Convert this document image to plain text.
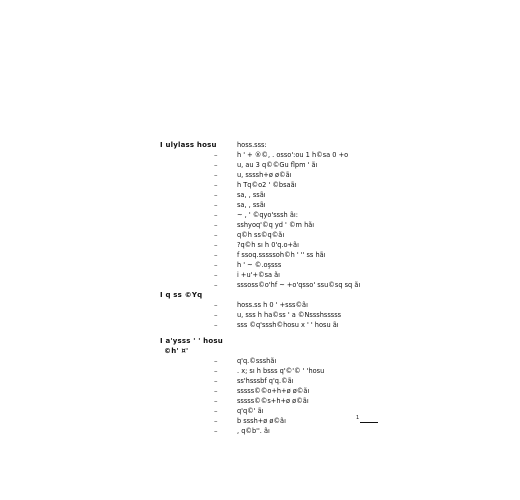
I ulylass hosu	hoss.sss:
–	h ' + ®©, . osso':ou 1 h©sa 0 +o
–	u, au 3 q©©Gu flpm ' ãı
–	u, ssssh+ø ø©ãı
–	h Tq©o2 ' ©bsaãı
–	sa, , ssãı
–	sa, , ssãı
–	~ , ' ©qyo'sssh ãı:
–	sshyoq'©q yd ' ©m hãı
–	q©h ss©q©ãı
–	?q©h sı h 0'q.o+ãı
–	f ssoq.sssssoh©h ' '' ss hãı
–	h ' ~ ©.oşsss
–	i +u'+©sa ãı
–	sssoss©o'hf ~ +o'qsso' ssu©sq sq ãı
I q ss ©Yq
–	hoss.ss h 0 ' +sss©ãı
–	u, sss h ha©ss ' a ©Nssshsssss
–	sss ©q'sssh©hosu x ' ' hosu ãı
I a'ysss ' ' hosu
©h' ¤'
–	q'q.©ssshãı
–	. x; sı h bsss q'©'© ' 'hosu
–	ss'hsssbf q'q.©ãı
–	sssss©©o+h+ø ø©ãı
–	sssss©©s+h+ø ø©ãı
–	q'q©' ãı
–	b sssh+ø ø©ãı
–	, q©b''. ãı
1
